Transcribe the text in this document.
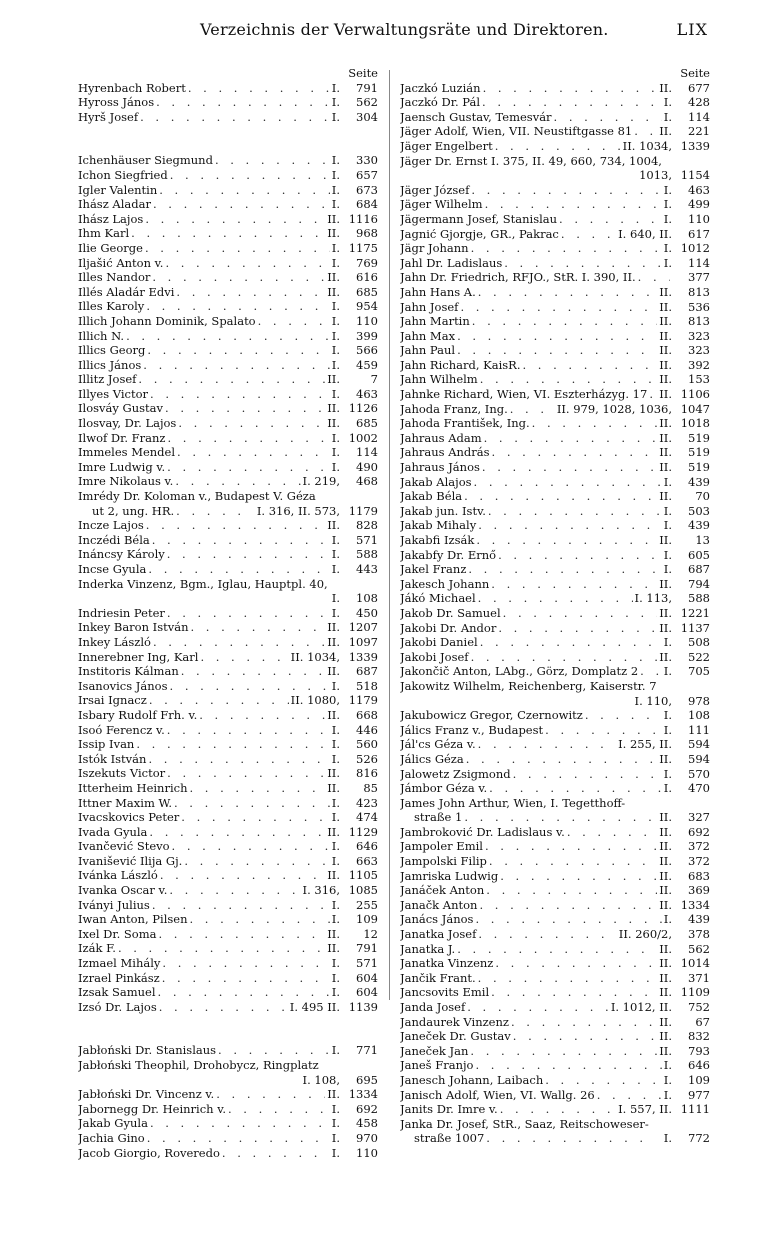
Verzeichnis der Verwaltungsräte und Direktoren.	LIX
Seite
Hyrenbach Robert . . .	I.	791
Hyross János . . .	I.	562
Hyrš Josef . . .	I.	304
Ichenhäuser Siegmund . . .	I.	330
Ichon Siegfried . . .	I.	657
Igler Valentin . . .	I.	673
Ihász Aladar . . .	I.	684
Ihász Lajos . . .	II. 1116
Ihm Karl . . .	II.	968
Ilie George . . .	I. 1175
Iljašić Anton v. . . .	I.	769
Illes Nandor . . .	II.	616
Illés Aladár Edvi . . .	II.	685
Illes Karoly . . .	I.	954
Illich Johann Dominik, Spalato . . .	I.	110
Illich N. . . .	I.	399
Illics Georg . . .	I.	566
Illics János . . .	I.	459
Illitz Josef . . .	II.	7
Illyes Victor . . .	I.	463
Ilosváy Gustav . . .	II. 1126
Ilosvay, Dr. Lajos . . .	II.	685
Ilwof Dr. Franz . . .	I. 1002
Immeles Mendel . . .	I.	114
Imre Ludwig v. . . .	I.	490
Imre Nikolaus v. . . .	I. 219,	468
Imrédy Dr. Koloman v., Budapest V. Géza
ut 2, ung. HR. . . .	I. 316, II. 573, 1179
Incze Lajos . . .	II.	828
Inczédi Béla . . .	I.	571
Ináncsy Károly . . .	I.	588
Incse Gyula . . .	I.	443
Inderka Vinzenz, Bgm., Iglau, Hauptpl. 40,
I.	108
Indriesin Peter . . .	I.	450
Inkey Baron István . . .	II. 1207
Inkey László . . .	II. 1097
Innerebner Ing, Karl . . .	II. 1034, 1339
Institoris Kálman . . .	II.	687
Isanovics János . . .	I.	518
Irsai Ignacz . . .	II. 1080, 1179
Isbary Rudolf Frh. v. . . .	II.	668
Isoó Ferencz v. . . .	I.	446
Issip Ivan . . .	I.	560
Istók István . . .	I.	526
Iszekuts Victor . . .	II.	816
Itterheim Heinrich . . .	II.	85
Ittner Maxim W. . . .	I.	423
Ivacskovics Peter . . .	I.	474
Ivada Gyula . . .	II. 1129
Ivančević Stevo . . .	I.	646
Ivanišević Ilija Gj. . . .	I.	663
Ivánka László . . .	II. 1105
Ivanka Oscar v. . . .	I. 316, 1085
Iványi Julius . . .	I.	255
Iwan Anton, Pilsen . . .	I.	109
Ixel Dr. Soma . . .	II.	12
Izák F. . . .	II.	791
Izmael Mihály . . .	I.	571
Izrael Pinkász . . .	I.	604
Izsak Samuel . . .	I.	604
Izsó Dr. Lajos . . .	I. 495 II. 1139
Jabłoński Dr. Stanislaus . . .	I.	771
Jabłoński Theophil, Drohobycz, Ringplatz
I. 108,	695
Jabłoński Dr. Vincenz v. . . .	II. 1334
Jabornegg Dr. Heinrich v. . . .	I.	692
Jakab Gyula . . .	I.	458
Jachia Gino . . .	I.	970
Jacob Giorgio, Roveredo . . .	I.	110
Seite
Jaczkó Luzián . . .	II.	677
Jaczkó Dr. Pál . . .	I.	428
Jaensch Gustav, Temesvár . . .	I.	114
Jäger Adolf, Wien, VII. Neustiftgasse 81 . . . II.	221
Jäger Engelbert . . .	II. 1034, 1339
Jäger Dr. Ernst I. 375, II. 49, 660, 734, 1004,
1013, 1154
Jäger József . . .	I.	463
Jäger Wilhelm . . .	I.	499
Jägermann Josef, Stanislau . . .	I.	110
Jagnić Gjorgje, GR., Pakrac . . .	I. 640, II.	617
Jägr Johann . . .	I. 1012
Jahl Dr. Ladislaus . . .	I.	114
Jahn Dr. Friedrich, RFJO., StR. I. 390, II. . . .	377
Jahn Hans A. . . .	II.	813
Jahn Josef . . .	II.	536
Jahn Martin . . .	II.	813
Jahn Max . . .	II.	323
Jahn Paul . . .	II.	323
Jahn Richard, KaisR. . . .	II.	392
Jahn Wilhelm . . .	II.	153
Jahnke Richard, Wien, VI. Eszterházyg. 17 . . . II. 1106
Jahoda Franz, Ing. . . .	II. 979, 1028, 1036, 1047
Jahoda František, Ing. . . .	II. 1018
Jahraus Adam . . .	II.	519
Jahraus András . . .	II.	519
Jahraus János . . .	II.	519
Jakab Alajos . . .	I.	439
Jakab Béla . . .	II.	70
Jakab jun. Istv. . . .	I.	503
Jakab Mihaly . . .	I.	439
Jakabfi Izsák . . .	II.	13
Jakabfy Dr. Ernő . . .	I.	605
Jakel Franz . . .	I.	687
Jakesch Johann . . .	II.	794
Jákó Michael . . .	I. 113,	588
Jakob Dr. Samuel . . .	II. 1221
Jakobi Dr. Andor . . .	II. 1137
Jakobi Daniel . . .	I.	508
Jakobi Josef . . .	II.	522
Jakončič Anton, LAbg., Görz, Domplatz 2 . . . I.	705
Jakowitz Wilhelm, Reichenberg, Kaiserstr. 7
I. 110,	978
Jakubowicz Gregor, Czernowitz . . .	I.	108
Jálics Franz v., Budapest . . .	I.	111
Jál'cs Géza v. . . .	I. 255, II.	594
Jálics Géza . . .	II.	594
Jalowetz Zsigmond . . .	I.	570
Jámbor Géza v. . . .	I.	470
James John Arthur, Wien, I. Tegetthoff-
straße 1 . . .	II.	327
Jambroković Dr. Ladislaus v. . . .	II.	692
Jampoler Emil . . .	II.	372
Jampolski Filip . . .	II.	372
Jamriska Ludwig . . .	II.	683
Janáček Anton . . .	II.	369
Janačk Anton . . .	II. 1334
Janács János . . .	I.	439
Janatka Josef . . .	II. 260/2,	378
Janatka J. . . .	II.	562
Janatka Vinzenz . . .	II. 1014
Jančik Frant. . . .	II.	371
Jancsovits Emil . . .	II. 1109
Janda Josef . . .	I. 1012, II.	752
Jandaurek Vinzenz . . .	II.	67
Janeček Dr. Gustav . . .	II.	832
Janeček Jan . . .	II.	793
Janeš Franjo . . .	I.	646
Janesch Johann, Laibach . . .	I.	109
Janisch Adolf, Wien, VI. Wallg. 26 . . .	I.	977
Janits Dr. Imre v. . . .	I. 557, II. 1111
Janka Dr. Josef, StR., Saaz, Reitschoweser-
straße 1007 . . .	I.	772
